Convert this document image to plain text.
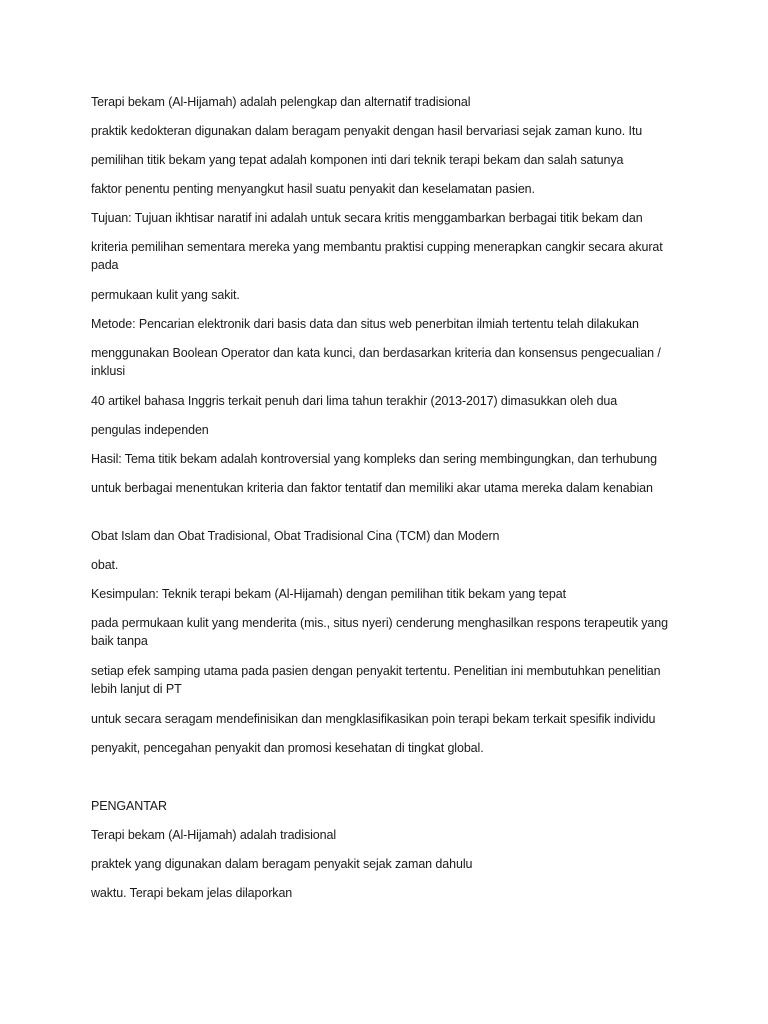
Terapi bekam (Al-Hijamah) adalah pelengkap dan alternatif tradisional
praktik kedokteran digunakan dalam beragam penyakit dengan hasil bervariasi sejak zaman kuno. Itu
pemilihan titik bekam yang tepat adalah komponen inti dari teknik terapi bekam dan salah satunya
faktor penentu penting menyangkut hasil suatu penyakit dan keselamatan pasien.
Tujuan: Tujuan ikhtisar naratif ini adalah untuk secara kritis menggambarkan berbagai titik bekam dan
kriteria pemilihan sementara mereka yang membantu praktisi cupping menerapkan cangkir secara akurat pada
permukaan kulit yang sakit.
Metode: Pencarian elektronik dari basis data dan situs web penerbitan ilmiah tertentu telah dilakukan
menggunakan Boolean Operator dan kata kunci, dan berdasarkan kriteria dan konsensus pengecualian / inklusi
40 artikel bahasa Inggris terkait penuh dari lima tahun terakhir (2013-2017) dimasukkan oleh dua
pengulas independen
Hasil: Tema titik bekam adalah kontroversial yang kompleks dan sering membingungkan, dan terhubung
untuk berbagai menentukan kriteria dan faktor tentatif dan memiliki akar utama mereka dalam kenabian
Obat Islam dan Obat Tradisional, Obat Tradisional Cina (TCM) dan Modern
obat.
Kesimpulan: Teknik terapi bekam (Al-Hijamah) dengan pemilihan titik bekam yang tepat
pada permukaan kulit yang menderita (mis., situs nyeri) cenderung menghasilkan respons terapeutik yang baik tanpa
setiap efek samping utama pada pasien dengan penyakit tertentu. Penelitian ini membutuhkan penelitian lebih lanjut di PT
untuk secara seragam mendefinisikan dan mengklasifikasikan poin terapi bekam terkait spesifik individu
penyakit, pencegahan penyakit dan promosi kesehatan di tingkat global.
PENGANTAR
Terapi bekam (Al-Hijamah) adalah tradisional
praktek yang digunakan dalam beragam penyakit sejak zaman dahulu
waktu. Terapi bekam jelas dilaporkan
